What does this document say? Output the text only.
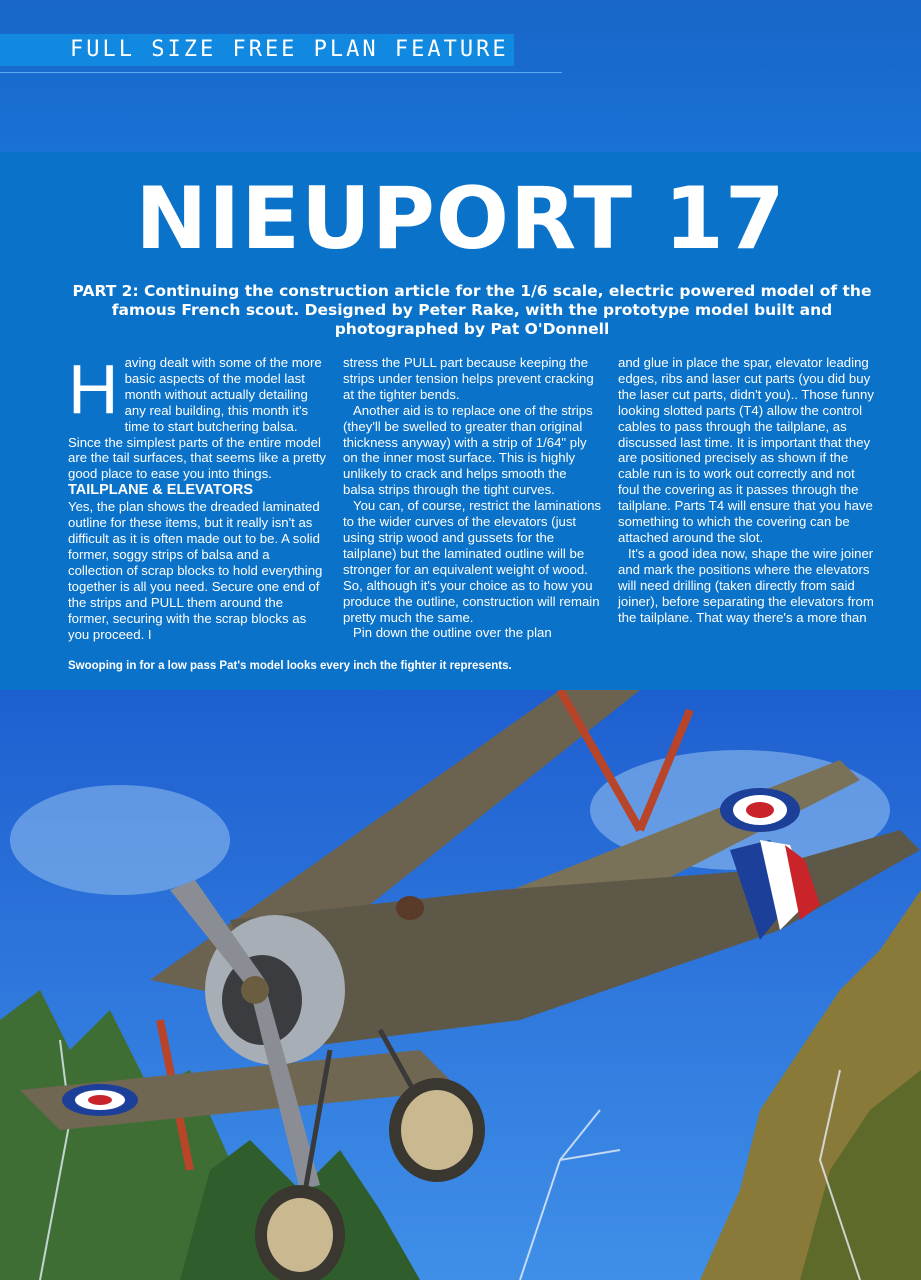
FULL SIZE FREE PLAN FEATURE
NIEUPORT 17

PART 2: Continuing the construction article for the 1/6 scale, electric powered model of the famous French scout. Designed by Peter Rake, with the prototype model built and photographed by Pat O'Donnell

H aving dealt with some of the more basic aspects of the model last month without actually detailing any real building, this month it's time to start butchering balsa. Since the simplest parts of the entire model are the tail surfaces, that seems like a pretty good place to ease you into things.

TAILPLANE & ELEVATORS

Yes, the plan shows the dreaded laminated outline for these items, but it really isn't as difficult as it is often made out to be. A solid former, soggy strips of balsa and a collection of scrap blocks to hold everything together is all you need. Secure one end of the strips and PULL them around the former, securing with the scrap blocks as you proceed. I

stress the PULL part because keeping the strips under tension helps prevent cracking at the tighter bends.

Another aid is to replace one of the strips (they'll be swelled to greater than original thickness anyway) with a strip of 1/64" ply on the inner most surface. This is highly unlikely to crack and helps smooth the balsa strips through the tight curves.

You can, of course, restrict the laminations to the wider curves of the elevators (just using strip wood and gussets for the tailplane) but the laminated outline will be stronger for an equivalent weight of wood. So, although it's your choice as to how you produce the outline, construction will remain pretty much the same.

Pin down the outline over the plan

and glue in place the spar, elevator leading edges, ribs and laser cut parts (you did buy the laser cut parts, didn't you).. Those funny looking slotted parts (T4) allow the control cables to pass through the tailplane, as discussed last time. It is important that they are positioned precisely as shown if the cable run is to work out correctly and not foul the covering as it passes through the tailplane. Parts T4 will ensure that you have something to which the covering can be attached around the slot.

It's a good idea now, shape the wire joiner and mark the positions where the elevators will need drilling (taken directly from said joiner), before separating the elevators from the tailplane. That way there's a more than

Swooping in for a low pass Pat's model looks every inch the fighter it represents.
